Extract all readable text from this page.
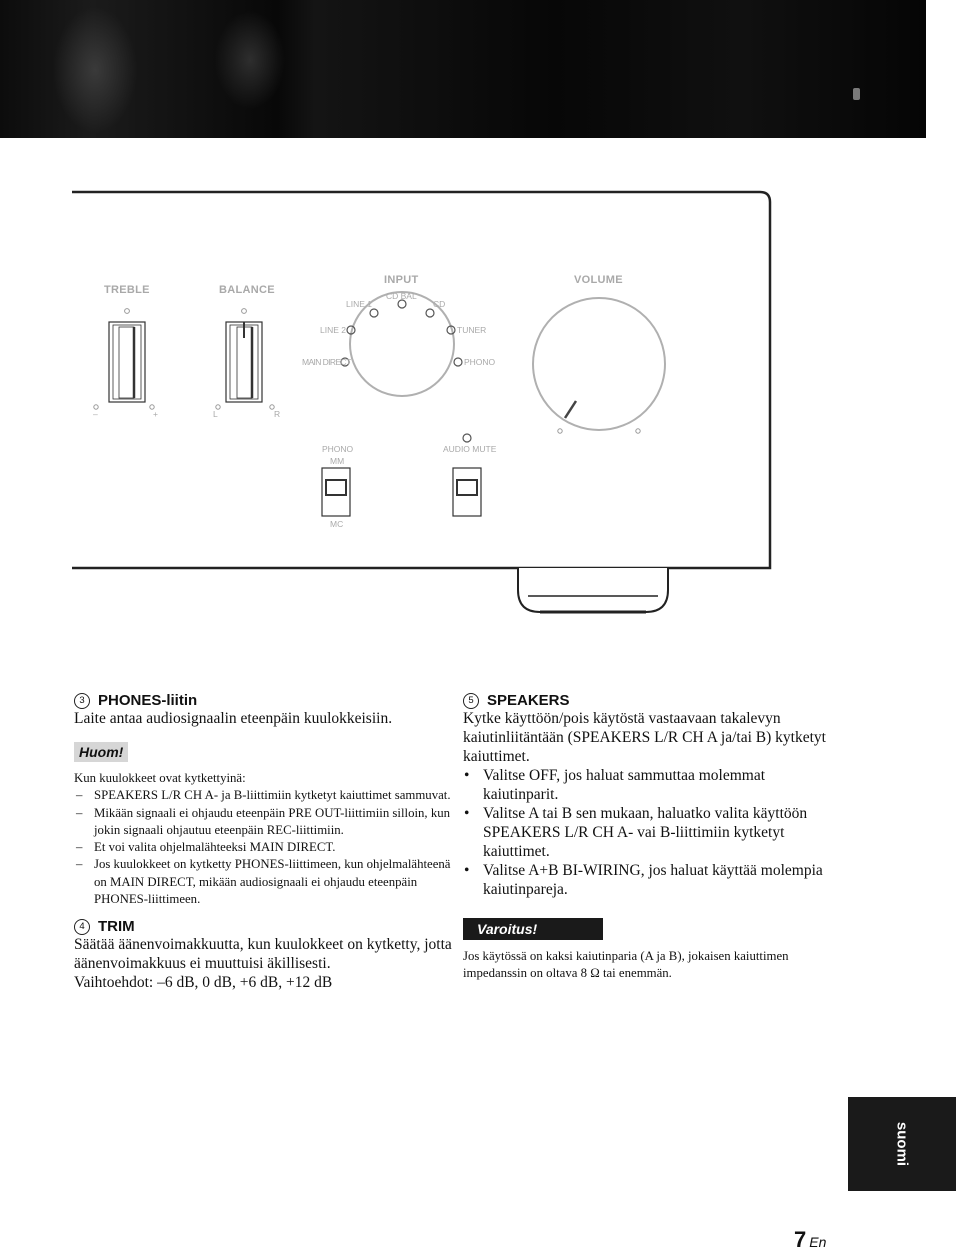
TREBLE	BALANCE
INPUT	VOLUME
LINE 1
CD BAL
CD
LINE 2	TUNER
MAIN DIRECT	PHONO
–	+	L	R
PHONO
MM
MC
AUDIO MUTE
3 PHONES-liitin
Laite antaa audiosignaalin eteenpäin kuulokkeisiin.
Huom!
Kun kuulokkeet ovat kytkettyinä:
– SPEAKERS L/R CH A- ja B-liittimiin kytketyt kaiuttimet sammuvat.
– Mikään signaali ei ohjaudu eteenpäin PRE OUT-liittimiin silloin, kun jokin signaali ohjautuu eteenpäin REC-liittimiin.
– Et voi valita ohjelmalähteeksi MAIN DIRECT.
– Jos kuulokkeet on kytketty PHONES-liittimeen, kun ohjelmalähteenä on MAIN DIRECT, mikään audiosignaali ei ohjaudu eteenpäin PHONES-liittimeen.
4 TRIM
Säätää äänenvoimakkuutta, kun kuulokkeet on kytketty, jotta äänenvoimakkuus ei muuttuisi äkillisesti.
Vaihtoehdot: –6 dB, 0 dB, +6 dB, +12 dB
5 SPEAKERS
Kytke käyttöön/pois käytöstä vastaavaan takalevyn kaiutinliitäntään (SPEAKERS L/R CH A ja/tai B) kytketyt kaiuttimet.
• Valitse OFF, jos haluat sammuttaa molemmat kaiutinparit.
• Valitse A tai B sen mukaan, haluatko valita käyttöön SPEAKERS L/R CH A- vai B-liittimiin kytketyt kaiuttimet.
• Valitse A+B BI-WIRING, jos haluat käyttää molempia kaiutinpareja.
Varoitus!
Jos käytössä on kaksi kaiutinparia (A ja B), jokaisen kaiuttimen impedanssin on oltava 8 Ω tai enemmän.
suomi
7 En
